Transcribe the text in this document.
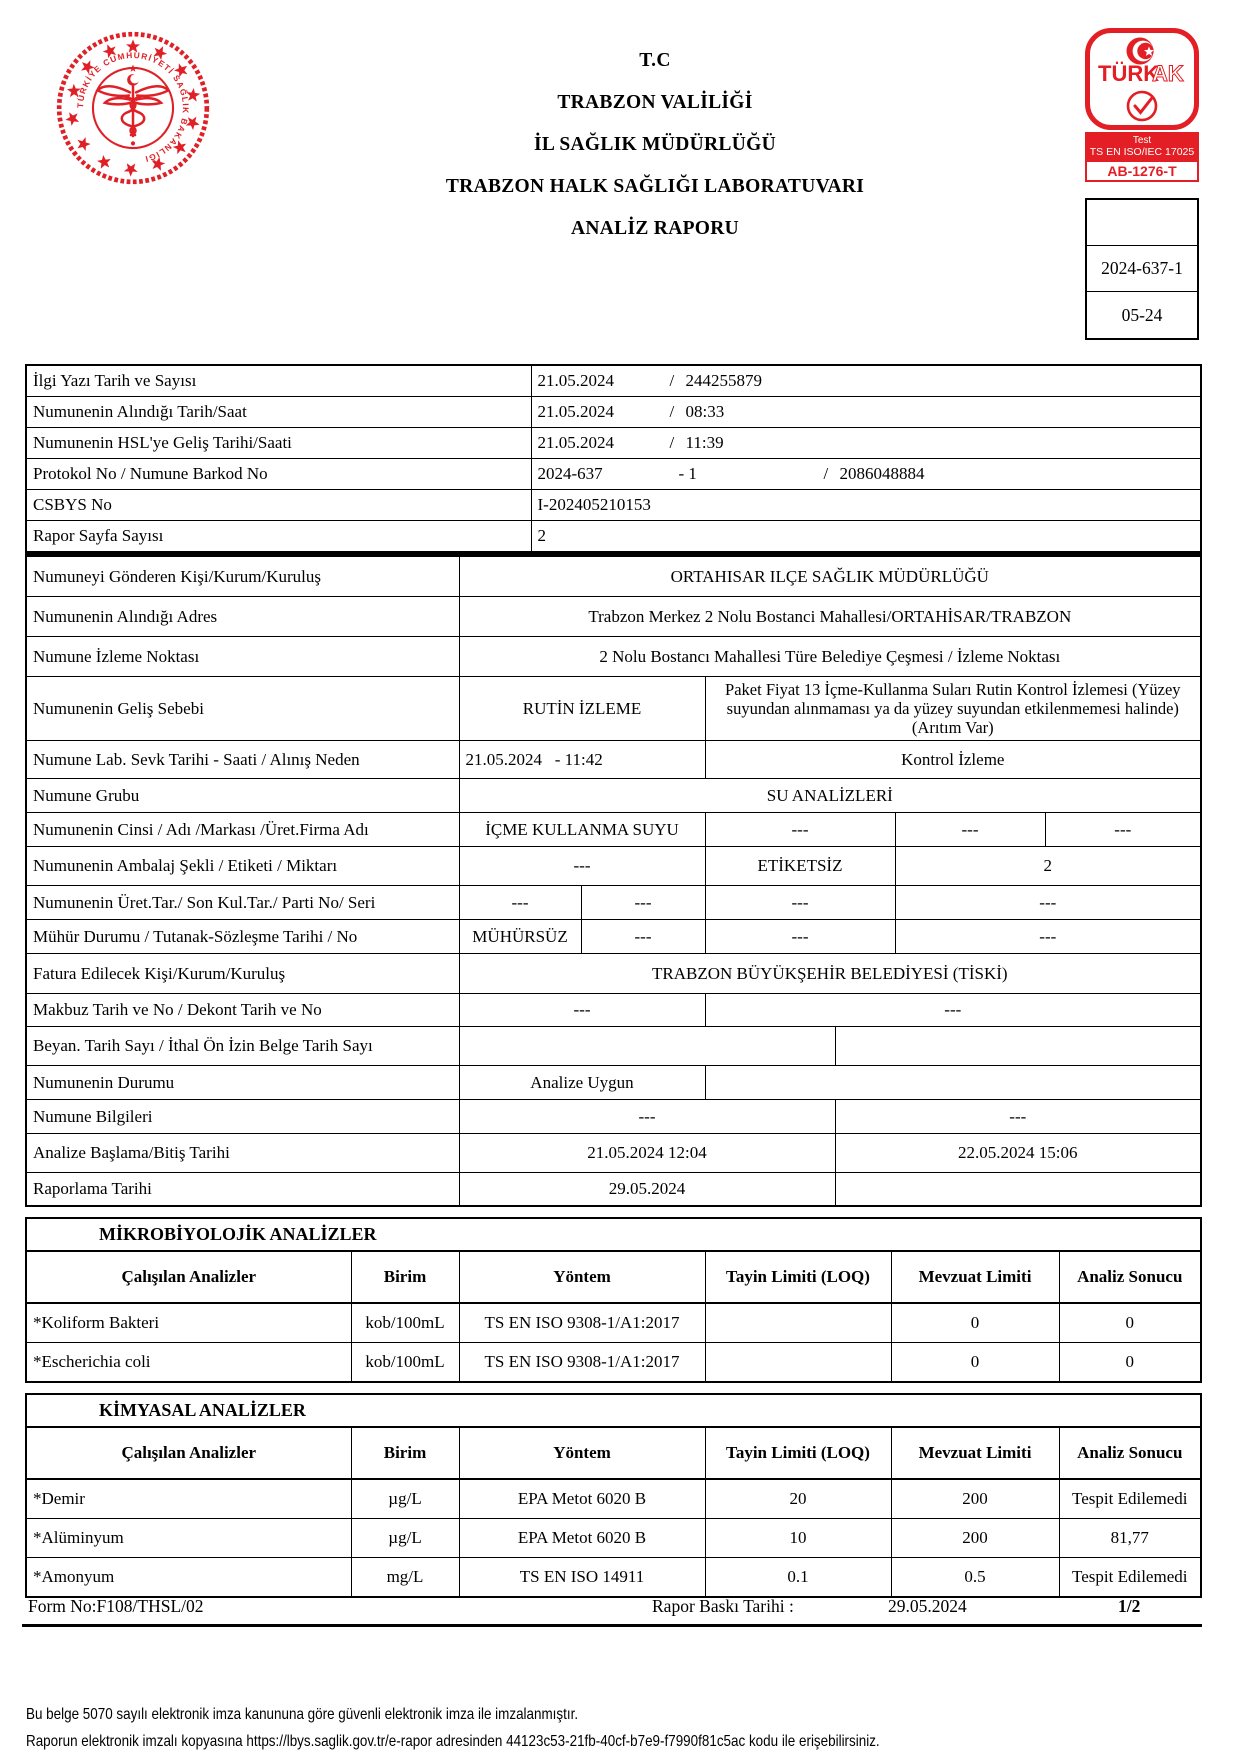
TÜRKİYE CUMHURİYETİ SAĞLIK BAKANLIĞI
T.C
TRABZON VALİLİĞİ
İL SAĞLIK MÜDÜRLÜĞÜ
TRABZON HALK SAĞLIĞI LABORATUVARI
ANALİZ RAPORU
TÜRK
AK
Test
TS EN ISO/IEC 17025
AB-1276-T
2024-637-1
05-24
İlgi Yazı Tarih ve Sayısı	21.05.2024 / 244255879
Numunenin Alındığı Tarih/Saat	21.05.2024 / 08:33
Numunenin HSL'ye Geliş Tarihi/Saati	21.05.2024 / 11:39
Protokol No / Numune Barkod No	2024-637 - 1 / 2086048884
CSBYS No	I-202405210153
Rapor Sayfa Sayısı	2
Numuneyi Gönderen Kişi/Kurum/Kuruluş	ORTAHISAR ILÇE SAĞLIK MÜDÜRLÜĞÜ					
Numunenin Alındığı Adres	Trabzon Merkez 2 Nolu Bostanci Mahallesi/ORTAHİSAR/TRABZON					
Numune İzleme Noktası	2 Nolu Bostancı Mahallesi Türe Belediye Çeşmesi / İzleme Noktası					
Numunenin Geliş Sebebi	RUTİN İZLEME		Paket Fiyat 13 İçme-Kullanma Suları Rutin Kontrol İzlemesi (Yüzey suyundan alınmaması ya da yüzey suyundan etkilenmemesi halinde) (Arıtım Var)			
Numune Lab. Sevk Tarihi - Saati / Alınış Neden	21.05.2024   - 11:42		Kontrol İzleme			
Numune Grubu	SU ANALİZLERİ					
Numunenin Cinsi / Adı /Markası /Üret.Firma Adı	İÇME KULLANMA SUYU		---		---	---
Numunenin Ambalaj Şekli / Etiketi / Miktarı	---		ETİKETSİZ		2	
Numunenin Üret.Tar./ Son Kul.Tar./ Parti No/ Seri	---	---	---		---	
Mühür Durumu / Tutanak-Sözleşme Tarihi / No	MÜHÜRSÜZ	---	---		---	
Fatura Edilecek Kişi/Kurum/Kuruluş	TRABZON BÜYÜKŞEHİR BELEDİYESİ (TİSKİ)					
Makbuz Tarih ve No / Dekont Tarih ve No	---		---			
Beyan. Tarih Sayı / İthal Ön İzin Belge Tarih Sayı						
Numunenin Durumu	Analize Uygun					
Numune Bilgileri	---			---		
Analize Başlama/Bitiş Tarihi	21.05.2024 12:04			22.05.2024 15:06		
Raporlama Tarihi	29.05.2024					
MİKROBİYOLOJİK ANALİZLER					
Çalışılan Analizler	Birim	Yöntem	Tayin Limiti (LOQ)	Mevzuat Limiti	Analiz Sonucu
*Koliform Bakteri	kob/100mL	TS EN ISO 9308-1/A1:2017		0	0
*Escherichia coli	kob/100mL	TS EN ISO 9308-1/A1:2017		0	0
KİMYASAL ANALİZLER					
Çalışılan Analizler	Birim	Yöntem	Tayin Limiti (LOQ)	Mevzuat Limiti	Analiz Sonucu
*Demir	µg/L	EPA Metot 6020 B	20	200	Tespit Edilemedi
*Alüminyum	µg/L	EPA Metot 6020 B	10	200	81,77
*Amonyum	mg/L	TS EN ISO 14911	0.1	0.5	Tespit Edilemedi
Form No:F108/THSL/02	Rapor Baskı Tarihi :	29.05.2024	1/2
Bu belge 5070 sayılı elektronik imza kanununa göre güvenli elektronik imza ile imzalanmıştır.
Raporun elektronik imzalı kopyasına https://lbys.saglik.gov.tr/e-rapor adresinden 44123c53-21fb-40cf-b7e9-f7990f81c5ac kodu ile erişebilirsiniz.
